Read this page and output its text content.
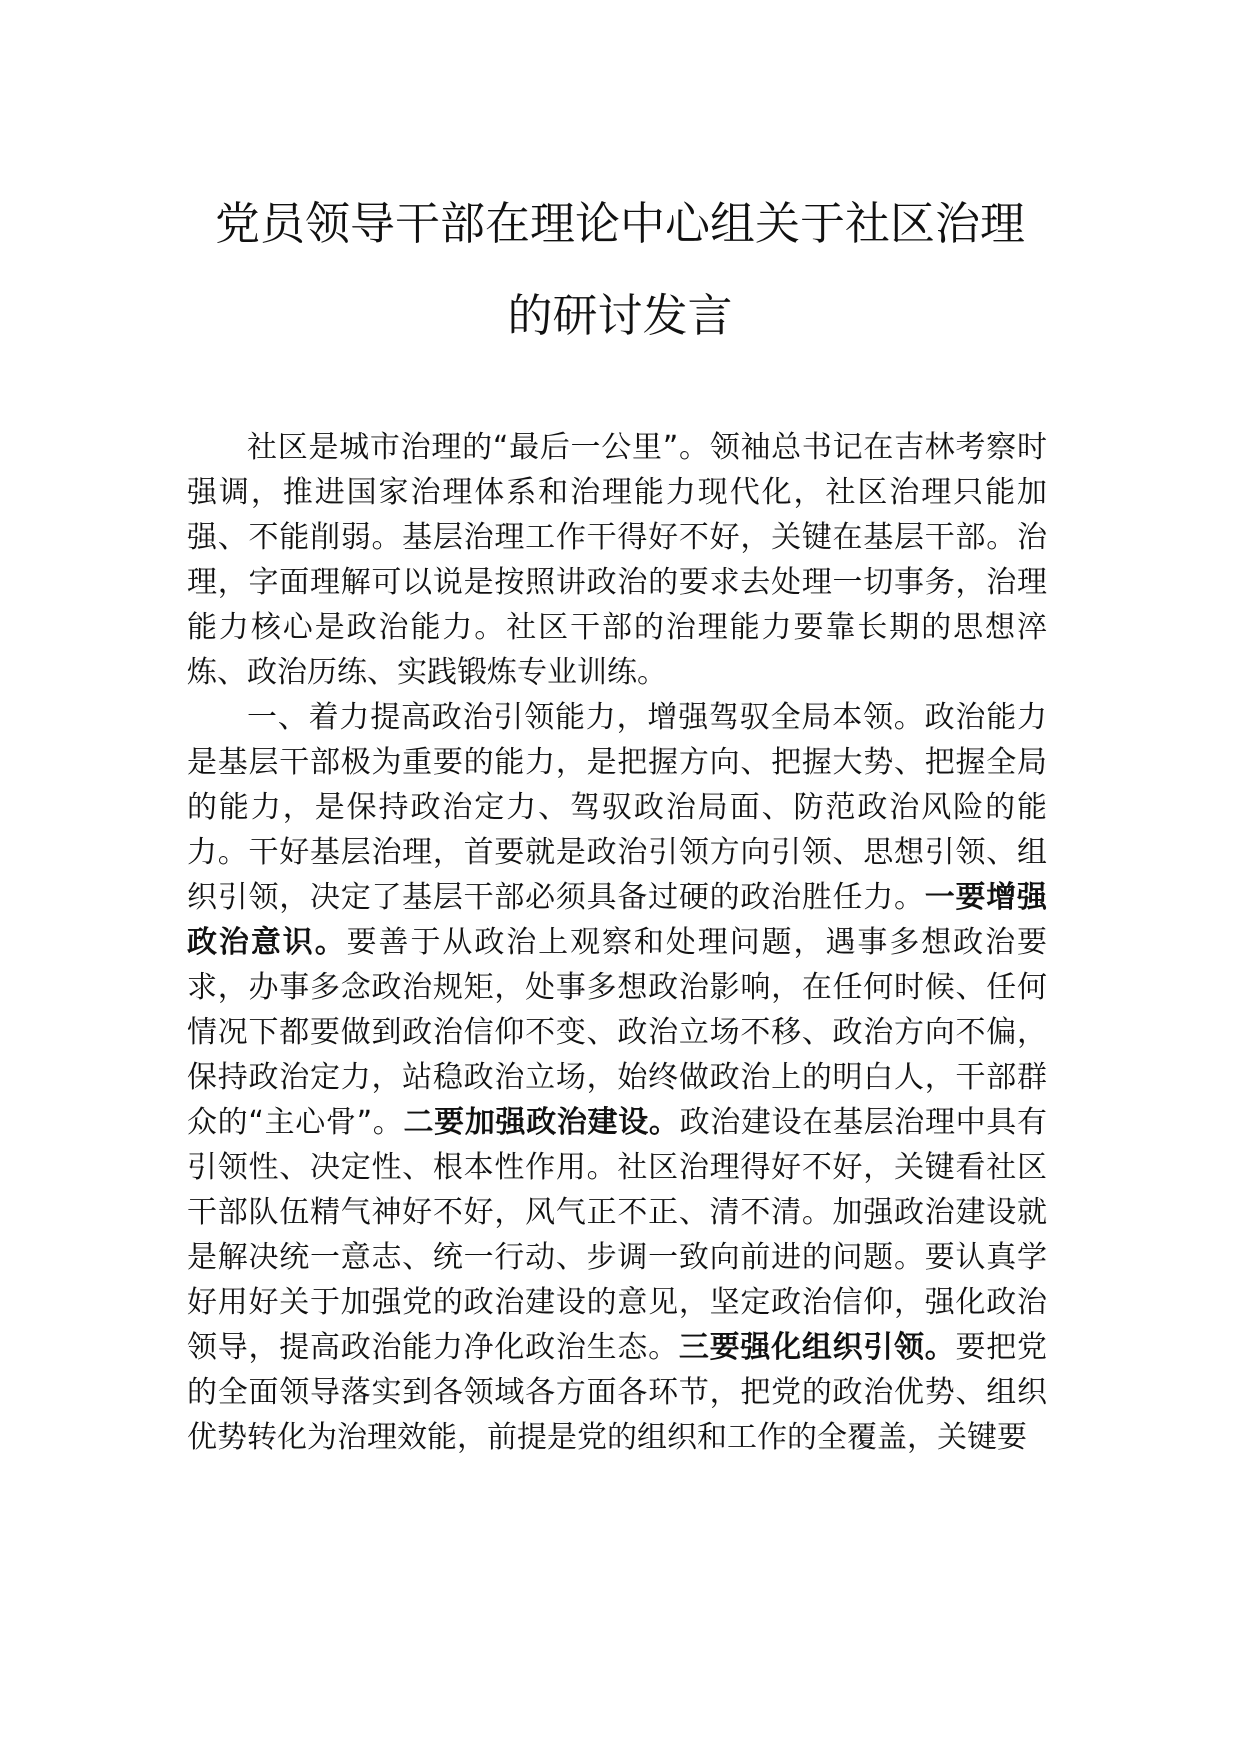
党员领导干部在理论中心组关于社区治理
的研讨发言

社区是城市治理的“最后一公里”。领袖总书记在吉林考察时强调，推进国家治理体系和治理能力现代化，社区治理只能加强、不能削弱。基层治理工作干得好不好，关键在基层干部。治理，字面理解可以说是按照讲政治的要求去处理一切事务，治理能力核心是政治能力。社区干部的治理能力要靠长期的思想淬炼、政治历练、实践锻炼专业训练。

一、着力提高政治引领能力，增强驾驭全局本领。政治能力是基层干部极为重要的能力，是把握方向、把握大势、把握全局的能力，是保持政治定力、驾驭政治局面、防范政治风险的能力。干好基层治理，首要就是政治引领方向引领、思想引领、组织引领，决定了基层干部必须具备过硬的政治胜任力。一要增强政治意识。要善于从政治上观察和处理问题，遇事多想政治要求，办事多念政治规矩，处事多想政治影响，在任何时候、任何情况下都要做到政治信仰不变、政治立场不移、政治方向不偏，保持政治定力，站稳政治立场，始终做政治上的明白人，干部群众的“主心骨”。二要加强政治建设。政治建设在基层治理中具有引领性、决定性、根本性作用。社区治理得好不好，关键看社区干部队伍精气神好不好，风气正不正、清不清。加强政治建设就是解决统一意志、统一行动、步调一致向前进的问题。要认真学好用好关于加强党的政治建设的意见，坚定政治信仰，强化政治领导，提高政治能力净化政治生态。三要强化组织引领。要把党的全面领导落实到各领域各方面各环节，把党的政治优势、组织优势转化为治理效能，前提是党的组织和工作的全覆盖，关键要
